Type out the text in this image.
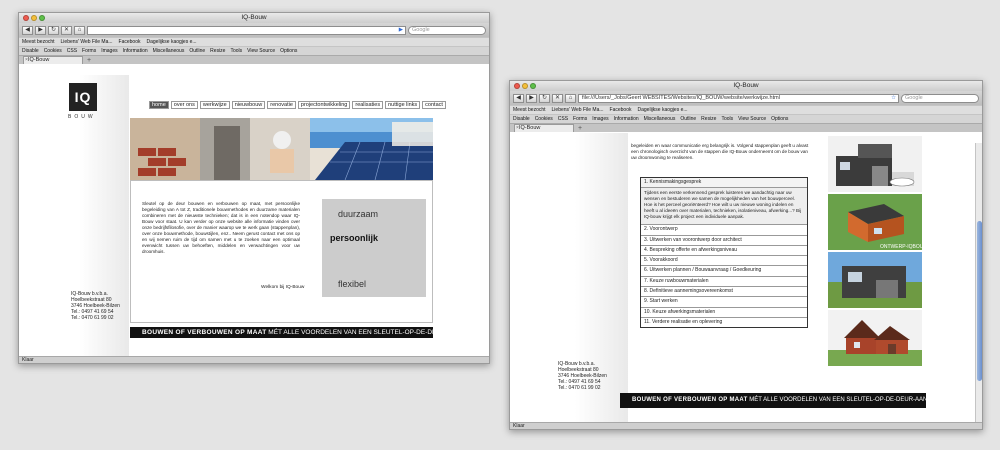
IQ-Bouw
◀	▶	↻	✕	⌂	▶	Google
Meest bezocht Liebens' Web File Ma... Facebook Dagelijkse kaogjes e...
Disable Cookies CSS Forms Images Information Miscellaneous Outline Resize Tools View Source Options
× IQ-Bouw	+
IQ
BOUW
home	over ons	werkwijze	nieuwbouw	renovatie	projectontwikkeling	realisaties	nuttige links	contact
Sleutel op de deur bouwen en verbouwen op maat, met persoonlijke begeleiding van A tot Z, traditionele bouwmethodes en duurzame materialen combineren met de nieuwste technieken; dat is in een notendop waar IQ-Bouw voor staat. U kan verder op onze website alle informatie vinden over onze bedrijfsfilosofie, over de manier waarop we te werk gaan (stappenplan), over onze bouwmethode, bouwstijlen, enz.. Neem gerust contact met ons op en wij nemen ruim de tijd om samen met u te zoeken naar een optimaal evenwicht tussen uw behoeften, middelen en verwachtingen voor uw droomhuis.
Welkom bij IQ-Bouw
duurzaam
persoonlijk
flexibel
IQ-Bouw b.v.b.a.
Hoelbeekstraat 80
3746 Hoelbeek-Bilzen
Tel.: 0497 41 69 54
Tel.: 0470 61 99 02
BOUWEN OF VERBOUWEN OP MAAT MÉT ALLE VOORDELEN VAN EEN SLEUTEL-OP-DE-DEUR-AANPAK
Klaar
IQ-Bouw
◀	▶	↻	✕	⌂	file:///Users/_Jobs/Geert WEBSITES/Websites/IQ_BOUW/website/werkwijze.html	☆	Google
Meest bezocht Liebens' Web File Ma... Facebook Dagelijkse kaogjes e...
Disable Cookies CSS Forms Images Information Miscellaneous Outline Resize Tools View Source Options
× IQ-Bouw	+
begeleiden en waar communicatie erg belangrijk is. Volgend stappenplan geeft u alvast een chronologisch overzicht van de stappen die IQ-Bouw onderneemt om de bouw van uw droomwoning te realiseren.
1. Kennismakingsgesprek
Tijdens een eerste verkennend gesprek luisteren we aandachtig naar uw wensen en bestuderen we samen de mogelijkheden van het bouwperceel. Hoe is het perceel georiënteerd? Hoe wilt u uw nieuwe woning indelen en heeft u al ideeën over materialen, technieken, isolatieniveau, afwerking...? Bij IQ-bouw krijgt elk project een individuele aanpak.
2. Voorontwerp
3. Uitwerken van voorontwerp door architect
4. Bespreking offerte en afwerkingsniveau
5. Voorakkoord
6. Uitwerken plannen / Bouwaanvraag / Goedkeuring
7. Keuze ruwbouwmaterialen
8. Definitieve aannemingsovereenkomst
9. Start werken
10. Keuze afwerkingsmaterialen
11. Verdere realisatie en oplevering
ONTWERP-IQBOUW
IQ-Bouw b.v.b.a.
Hoelbeekstraat 80
3746 Hoelbeek-Bilzen
Tel.: 0497 41 69 54
Tel.: 0470 61 99 02
BOUWEN OF VERBOUWEN OP MAAT MÉT ALLE VOORDELEN VAN EEN SLEUTEL-OP-DE-DEUR-AANPAK
Klaar
